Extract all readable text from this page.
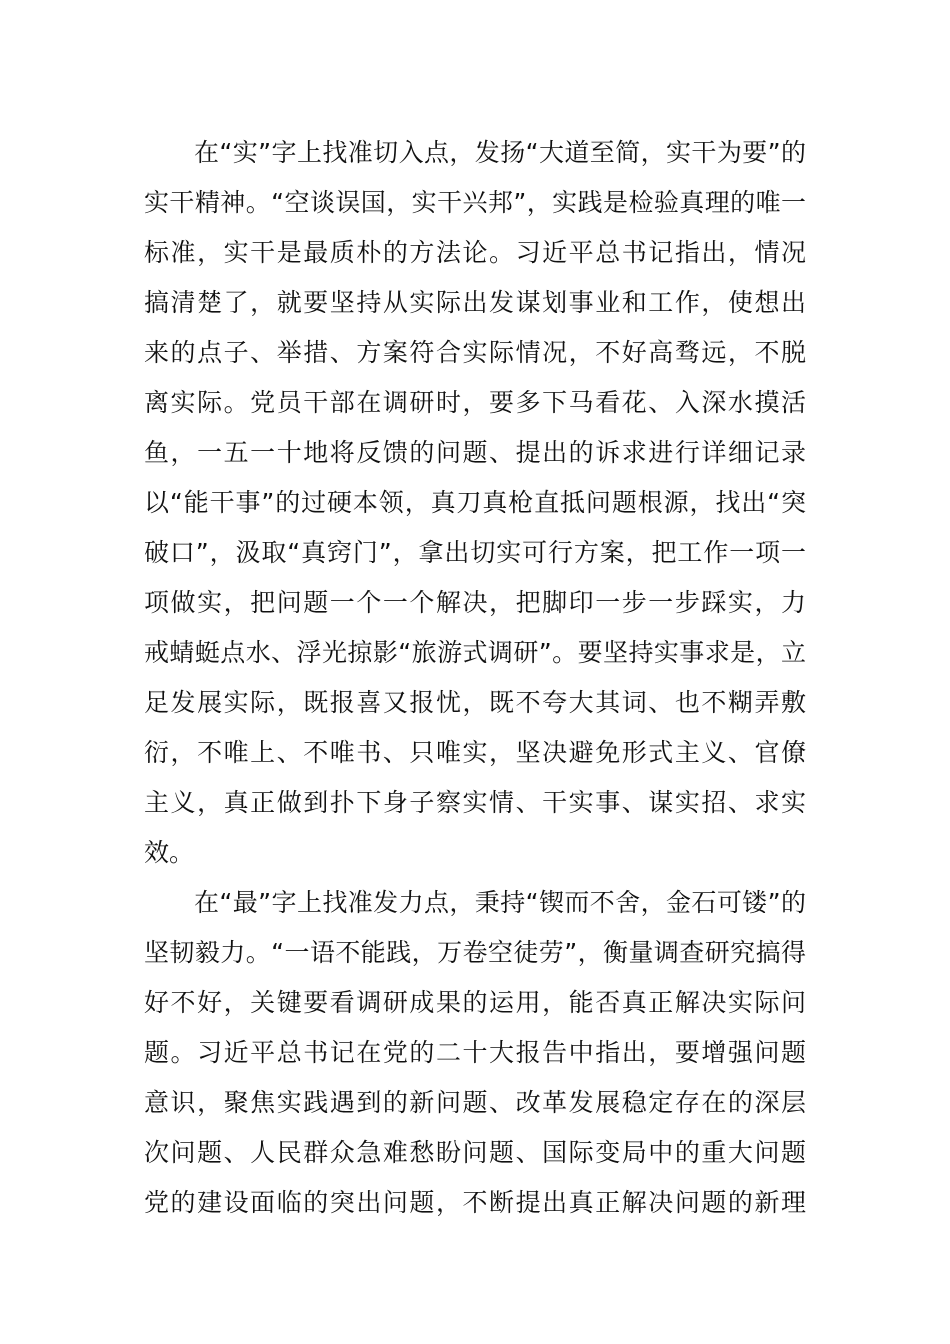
在“实”字上找准切入点，发扬“大道至简，实干为要”的
实干精神。“空谈误国，实干兴邦”，实践是检验真理的唯一
标准，实干是最质朴的方法论。习近平总书记指出，情况
搞清楚了，就要坚持从实际出发谋划事业和工作，使想出
来的点子、举措、方案符合实际情况，不好高骛远，不脱
离实际。党员干部在调研时，要多下马看花、入深水摸活
鱼，一五一十地将反馈的问题、提出的诉求进行详细记录
以“能干事”的过硬本领，真刀真枪直抵问题根源，找出“突
破口”，汲取“真窍门”，拿出切实可行方案，把工作一项一
项做实，把问题一个一个解决，把脚印一步一步踩实，力
戒蜻蜓点水、浮光掠影“旅游式调研”。要坚持实事求是，立
足发展实际，既报喜又报忧，既不夸大其词、也不糊弄敷
衍，不唯上、不唯书、只唯实，坚决避免形式主义、官僚
主义，真正做到扑下身子察实情、干实事、谋实招、求实
效。
在“最”字上找准发力点，秉持“锲而不舍，金石可镂”的
坚韧毅力。“一语不能践，万卷空徒劳”，衡量调查研究搞得
好不好，关键要看调研成果的运用，能否真正解决实际问
题。习近平总书记在党的二十大报告中指出，要增强问题
意识，聚焦实践遇到的新问题、改革发展稳定存在的深层
次问题、人民群众急难愁盼问题、国际变局中的重大问题
党的建设面临的突出问题，不断提出真正解决问题的新理
